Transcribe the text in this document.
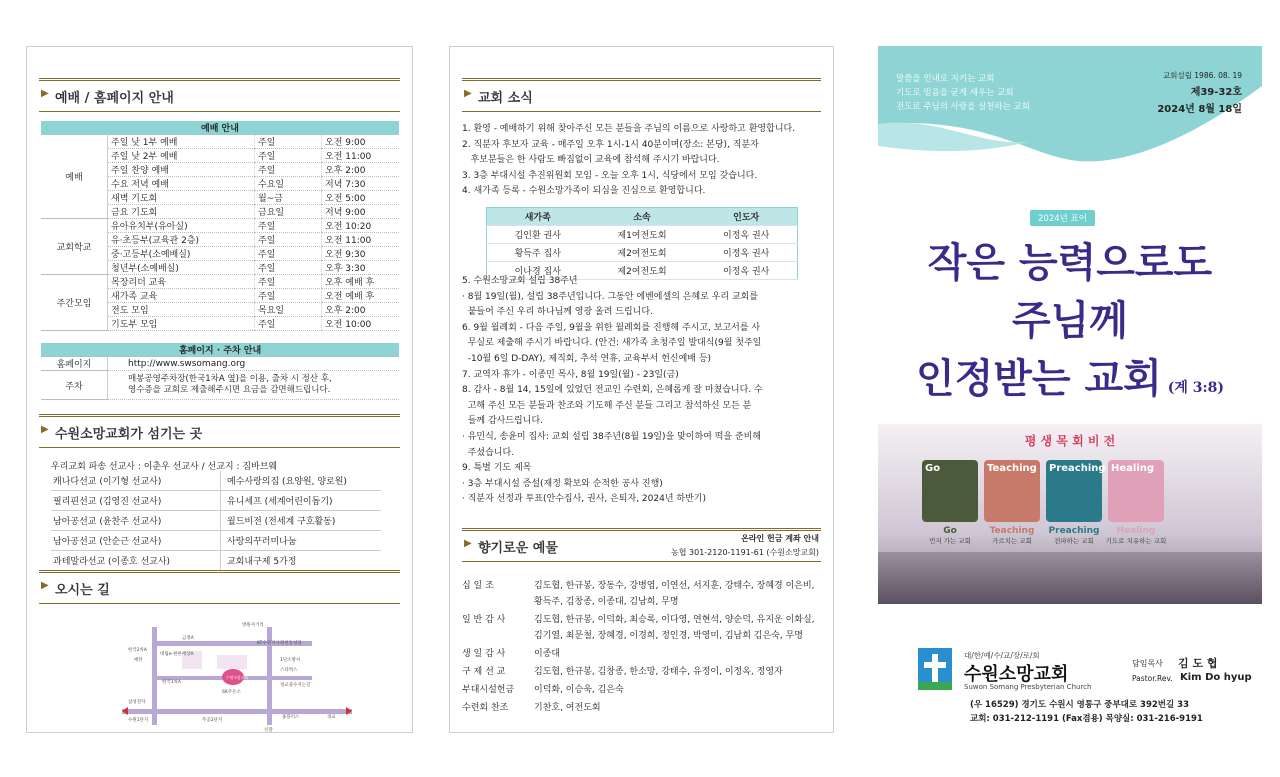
▶ 예배 / 홈페이지 안내
예배 안내			
예배	주일 낮 1부 예배	주일	오전 9:00
	주일 낮 2부 예배	주일	오전 11:00
	주일 찬양 예배	주일	오후 2:00
	수요 저녁 예배	수요일	저녁 7:30
	새벽 기도회	월~금	오전 5:00
	금요 기도회	금요일	저녁 9:00
교회학교	유아유치부(유아실)	주일	오전 10:20
	유·초등부(교육관 2층)	주일	오전 11:00
	중·고등부(소예배실)	주일	오전 9:30
	청년부(소예배실)	주일	오후 3:30
주간모임	목장리더 교육	주일	오후 예배 후
	새가족 교육	주일	오전 예배 후
	전도 모임	목요일	오후 2:00
	기도부 모임	주일	오전 10:00
홈페이지 · 주차 안내	
홈페이지	http://www.swsomang.org
주차	매봉공영주차장(한국1차A 옆)을 이용, 출차 시 정산 후,
영수증을 교회로 제출해주시면 요금을 감면해드립니다.
▶ 수원소망교회가 섬기는 곳
우리교회 파송 선교사 : 이춘우 선교사 / 선교지 : 짐바브웨
캐나다선교 (이기형 선교사)	예수사랑의집 (요양원, 양로원)
필리핀선교 (김영진 선교사)	유니세프 (세계어린이돕기)
남아공선교 (윤찬주 선교사)	월드비전 (전세계 구호활동)
남아공선교 (안순근 선교사)	사랑의꾸러미나눔
과테말라선교 (이종호 선교사)	교회내구제 5가정
▶ 오시는 길
방원사거리
KT수원지사 원천동성당
1단소방서
스타벅스
한국1차A
수원소망교회
SK주유소
경교중수지는길
홈플러스
삼성전자
수원1단지	주공2단지
매탄
신갈
경교
금정A
한국2차A
대림e-편한세상A
▶ 교회 소식

1. 환영 - 예배하기 위해 찾아주신 모든 분들을 주님의 이름으로 사랑하고 환영합니다.

2. 직분자 후보자 교육 - 매주일 오후 1시-1시 40분이며(장소: 본당), 직분자

후보분들은 한 사람도 빠짐없이 교육에 참석해 주시기 바랍니다.

3. 3층 부대시설 추진위원회 모임 - 오늘 오후 1시, 식당에서 모임 갖습니다.

4. 새가족 등록 - 수원소망가족이 되심을 진심으로 환영합니다.

새가족	소속	인도자
김인환 권사	제1여전도회	이정옥 권사
황득주 집사	제2여전도회	이정옥 권사
이나경 집사	제2여전도회	이정옥 권사

5. 수원소망교회 설립 38주년

· 8월 19일(월), 설립 38주년입니다. 그동안 에벤에셀의 은혜로 우리 교회를

붙들어 주신 우리 하나님께 영광 올려 드립니다.

6. 9월 월례회 - 다음 주일, 9월을 위한 월례회를 진행해 주시고, 보고서를 사

무실로 제출해 주시기 바랍니다. (안건: 새가족 초청주일 발대식(9월 첫주일

-10월 6일 D-DAY), 제직회, 추석 연휴, 교육부서 헌신예배 등)

7. 교역자 휴가 - 이종민 목사, 8월 19일(월) - 23일(금)

8. 감사 - 8월 14, 15일에 있었던 전교인 수련회, 은혜롭게 잘 마쳤습니다. 수

고해 주신 모든 분들과 찬조와 기도해 주신 분들 그리고 참석하신 모든 분

들께 감사드립니다.

· 유민식, 송윤미 집사: 교회 설립 38주년(8월 19일)을 맞이하여 떡을 준비해

주셨습니다.

9. 특별 기도 제목

· 3층 부대시설 증설(재정 확보와 순적한 공사 진행)

· 직분자 선정과 투표(안수집사, 권사, 은퇴자, 2024년 하반기)

▶ 향기로운 예물
온라인 헌금 계좌 안내
농협 301-2120-1191-61 (수원소망교회)
십 일 조	김도협, 한규봉, 장동수, 강병엽, 이연선, 서지훈, 강태수, 장혜경 이은비, 황득주, 김창종, 이종대, 김남희, 무명
일 반 감 사	김도협, 한규봉, 이덕화, 최승록, 이다영, 연현석, 양순덕, 유지운 이화실, 김기열, 최문철, 장혜경, 이경희, 정인경, 박영미, 김남희 김은숙, 무명
생 일 감 사	이종대
구 제 선 교	김도협, 한규봉, 김창종, 한소망, 강태수, 유정이, 이정옥, 정영자
부대시설헌금	이덕화, 이승욱, 김은숙
수련회 찬조	기찬호, 여전도회
말씀을 인내로 지키는 교회
기도로 믿음을 굳게 세우는 교회
전도로 주님의 사랑을 실천하는 교회
교회설립 1986. 08. 19
제39-32호
2024년 8월 18일
2024년 표어
작은 능력으로도
주님께
인정받는 교회 (계 3:8)
평 생 목 회 비 전
Go
Go
먼저 가는 교회
Teaching
Teaching
가르치는 교회
Preaching
Preaching
전파하는 교회
Healing
Healing
기도로 치유하는 교회
대/한/예/수/교/장/로/회
수원소망교회
Suwon Somang Presbyterian Church
담임목사 김 도 협
Pastor.Rev. Kim Do hyup
(우 16529) 경기도 수원시 영통구 중부대로 392번길 33
교회: 031-212-1191 (Fax겸용) 목양실: 031-216-9191
